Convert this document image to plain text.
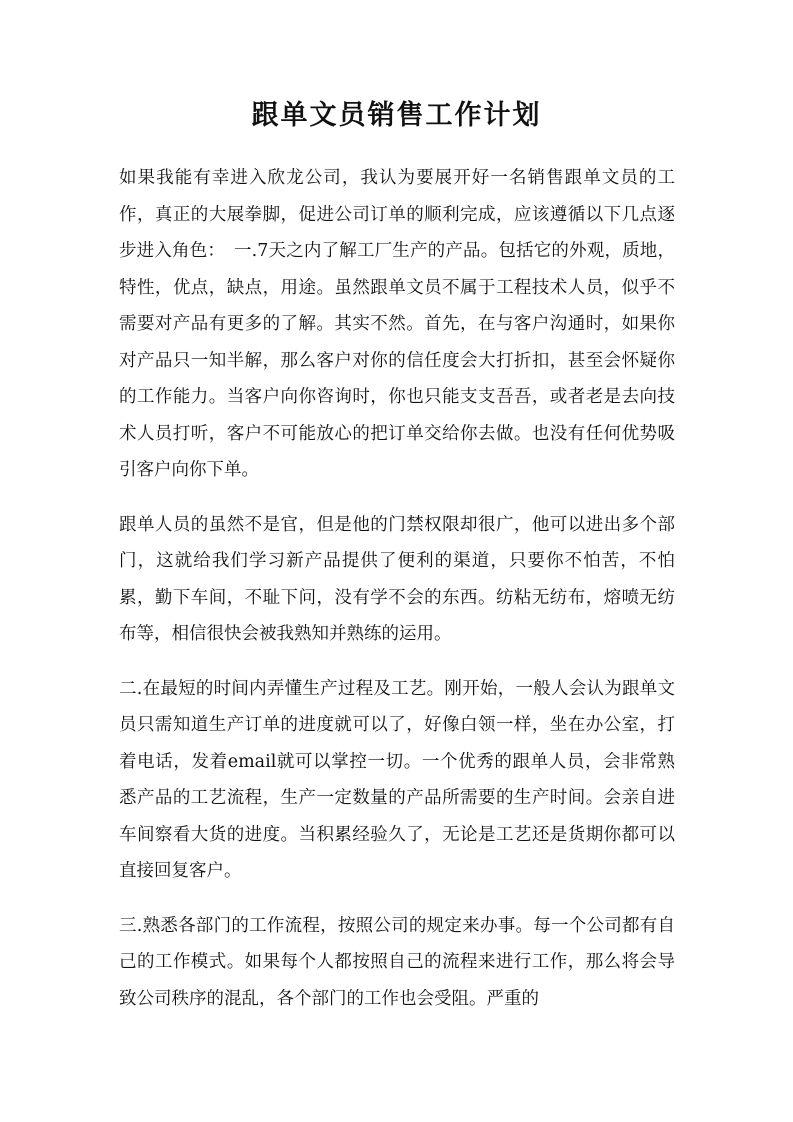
跟单文员销售工作计划

如果我能有幸进入欣龙公司，我认为要展开好一名销售跟单文员的工作，真正的大展拳脚，促进公司订单的顺利完成，应该遵循以下几点逐步进入角色：　一.7天之内了解工厂生产的产品。包括它的外观，质地，特性，优点，缺点，用途。虽然跟单文员不属于工程技术人员，似乎不需要对产品有更多的了解。其实不然。首先，在与客户沟通时，如果你对产品只一知半解，那么客户对你的信任度会大打折扣，甚至会怀疑你的工作能力。当客户向你咨询时，你也只能支支吾吾，或者老是去向技术人员打听，客户不可能放心的把订单交给你去做。也没有任何优势吸引客户向你下单。

跟单人员的虽然不是官，但是他的门禁权限却很广，他可以进出多个部门，这就给我们学习新产品提供了便利的渠道，只要你不怕苦，不怕累，勤下车间，不耻下问，没有学不会的东西。纺粘无纺布，熔喷无纺布等，相信很快会被我熟知并熟练的运用。

二.在最短的时间内弄懂生产过程及工艺。刚开始，一般人会认为跟单文员只需知道生产订单的进度就可以了，好像白领一样，坐在办公室，打着电话，发着email就可以掌控一切。一个优秀的跟单人员，会非常熟悉产品的工艺流程，生产一定数量的产品所需要的生产时间。会亲自进车间察看大货的进度。当积累经验久了，无论是工艺还是货期你都可以直接回复客户。

三.熟悉各部门的工作流程，按照公司的规定来办事。每一个公司都有自己的工作模式。如果每个人都按照自己的流程来进行工作，那么将会导致公司秩序的混乱，各个部门的工作也会受阻。严重的
